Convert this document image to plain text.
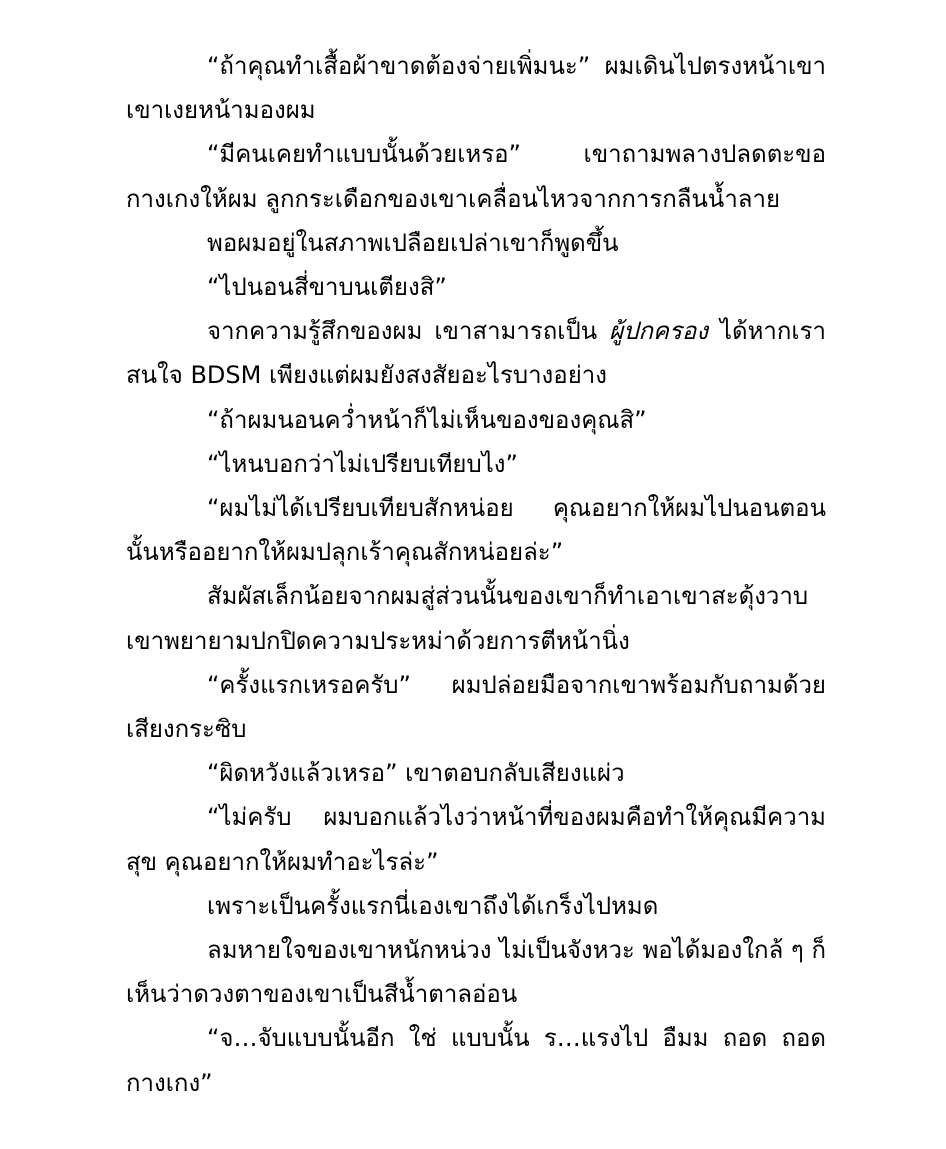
“ถ้าคุณทำเสื้อผ้าขาดต้องจ่ายเพิ่มนะ” ผมเดินไปตรงหน้าเขา เขาเงยหน้ามองผม

“มีคนเคยทำแบบนั้นด้วยเหรอ” เขาถามพลางปลดตะขอกางเกงให้ผม ลูกกระเดือกของเขาเคลื่อนไหวจากการกลืนน้ำลาย

พอผมอยู่ในสภาพเปลือยเปล่าเขาก็พูดขึ้น

“ไปนอนสี่ขาบนเตียงสิ”

จากความรู้สึกของผม เขาสามารถเป็น ผู้ปกครอง ได้หากเราสนใจ BDSM เพียงแต่ผมยังสงสัยอะไรบางอย่าง

“ถ้าผมนอนคว่ำหน้าก็ไม่เห็นของของคุณสิ”

“ไหนบอกว่าไม่เปรียบเทียบไง”

“ผมไม่ได้เปรียบเทียบสักหน่อย คุณอยากให้ผมไปนอนตอนนั้นหรืออยากให้ผมปลุกเร้าคุณสักหน่อยล่ะ”

สัมผัสเล็กน้อยจากผมสู่ส่วนนั้นของเขาก็ทำเอาเขาสะดุ้งวาบ เขาพยายามปกปิดความประหม่าด้วยการตีหน้านิ่ง

“ครั้งแรกเหรอครับ” ผมปล่อยมือจากเขาพร้อมกับถามด้วยเสียงกระซิบ

“ผิดหวังแล้วเหรอ” เขาตอบกลับเสียงแผ่ว

“ไม่ครับ ผมบอกแล้วไงว่าหน้าที่ของผมคือทำให้คุณมีความสุข คุณอยากให้ผมทำอะไรล่ะ”

เพราะเป็นครั้งแรกนี่เองเขาถึงได้เกร็งไปหมด

ลมหายใจของเขาหนักหน่วง ไม่เป็นจังหวะ พอได้มองใกล้ ๆ ก็เห็นว่าดวงตาของเขาเป็นสีน้ำตาลอ่อน

“จ…จับแบบนั้นอีก ใช่ แบบนั้น ร…แรงไป อืมม ถอด ถอด กางเกง”
